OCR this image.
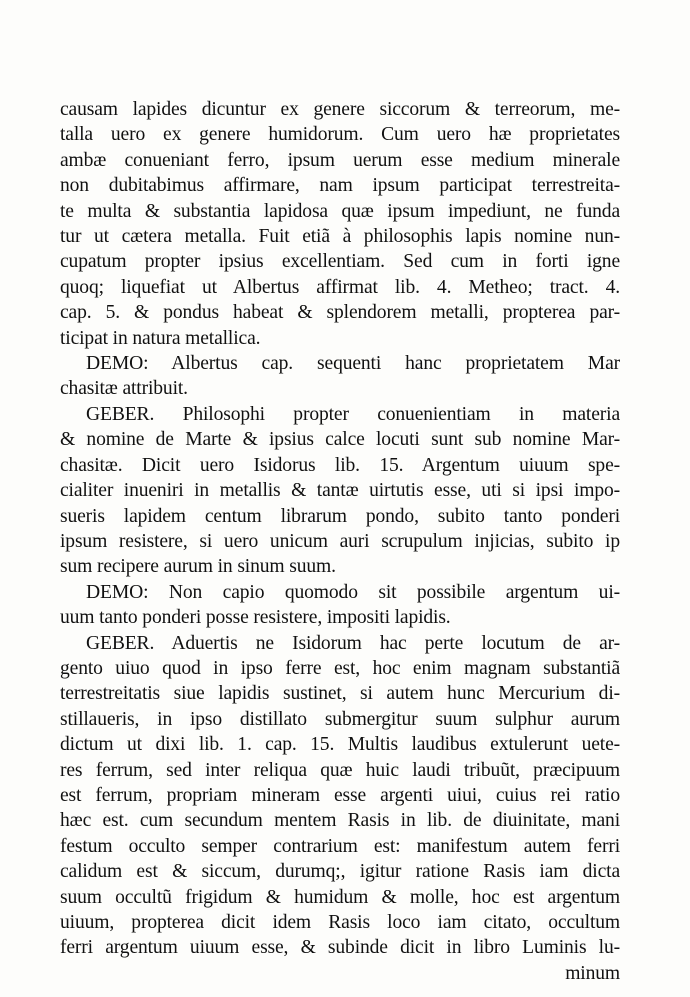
causam lapides dicuntur ex genere siccorum & terreorum, me-
talla uero ex genere humidorum. Cum uero hæ proprietates
ambæ conueniant ferro, ipsum uerum esse medium minerale
non dubitabimus affirmare, nam ipsum participat terrestreita-
te multa & substantia lapidosa quæ ipsum impediunt, ne funda
tur ut cætera metalla. Fuit etiã à philosophis lapis nomine nun-
cupatum propter ipsius excellentiam. Sed cum in forti igne
quoq; liquefiat ut Albertus affirmat lib. 4. Metheo; tract. 4.
cap. 5. & pondus habeat & splendorem metalli, propterea par-
ticipat in natura metallica.
DEMO: Albertus cap. sequenti hanc proprietatem Mar
chasitæ attribuit.
GEBER. Philosophi propter conuenientiam in materia
& nomine de Marte & ipsius calce locuti sunt sub nomine Mar-
chasitæ. Dicit uero Isidorus lib. 15. Argentum uiuum spe-
cialiter inueniri in metallis & tantæ uirtutis esse, uti si ipsi impo-
sueris lapidem centum librarum pondo, subito tanto ponderi
ipsum resistere, si uero unicum auri scrupulum injicias, subito ip
sum recipere aurum in sinum suum.
DEMO: Non capio quomodo sit possibile argentum ui-
uum tanto ponderi posse resistere, impositi lapidis.
GEBER. Aduertis ne Isidorum hac perte locutum de ar-
gento uiuo quod in ipso ferre est, hoc enim magnam substantiã
terrestreitatis siue lapidis sustinet, si autem hunc Mercurium di-
stillaueris, in ipso distillato submergitur suum sulphur aurum
dictum ut dixi lib. 1. cap. 15. Multis laudibus extulerunt uete-
res ferrum, sed inter reliqua quæ huic laudi tribuũt, præcipuum
est ferrum, propriam mineram esse argenti uiui, cuius rei ratio
hæc est. cum secundum mentem Rasis in lib. de diuinitate, mani
festum occulto semper contrarium est: manifestum autem ferri
calidum est & siccum, durumq;, igitur ratione Rasis iam dicta
suum occultũ frigidum & humidum & molle, hoc est argentum
uiuum, propterea dicit idem Rasis loco iam citato, occultum
ferri argentum uiuum esse, & subinde dicit in libro Luminis lu-
minum
